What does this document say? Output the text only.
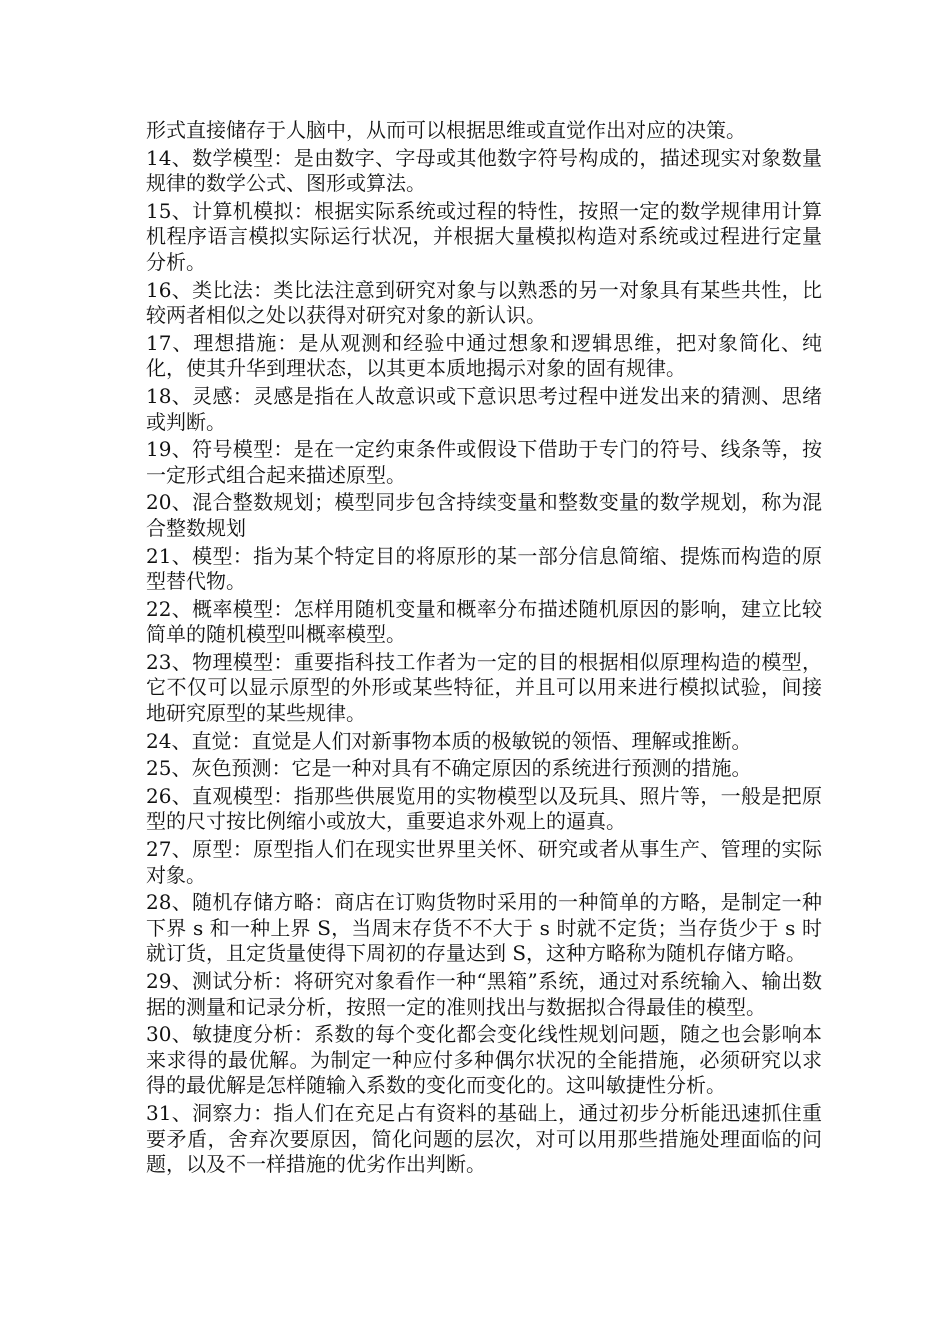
形式直接储存于人脑中，从而可以根据思维或直觉作出对应的决策。

14、数学模型：是由数字、字母或其他数字符号构成的，描述现实对象数量规律的数学公式、图形或算法。

15、计算机模拟：根据实际系统或过程的特性，按照一定的数学规律用计算机程序语言模拟实际运行状况，并根据大量模拟构造对系统或过程进行定量分析。

16、类比法：类比法注意到研究对象与以熟悉的另一对象具有某些共性，比较两者相似之处以获得对研究对象的新认识。

17、理想措施：是从观测和经验中通过想象和逻辑思维，把对象简化、纯化，使其升华到理状态，以其更本质地揭示对象的固有规律。

18、灵感：灵感是指在人故意识或下意识思考过程中迸发出来的猜测、思绪或判断。

19、符号模型：是在一定约束条件或假设下借助于专门的符号、线条等，按一定形式组合起来描述原型。

20、混合整数规划；模型同步包含持续变量和整数变量的数学规划，称为混合整数规划

21、模型：指为某个特定目的将原形的某一部分信息简缩、提炼而构造的原型替代物。

22、概率模型：怎样用随机变量和概率分布描述随机原因的影响，建立比较简单的随机模型叫概率模型。

23、物理模型：重要指科技工作者为一定的目的根据相似原理构造的模型，它不仅可以显示原型的外形或某些特征，并且可以用来进行模拟试验，间接地研究原型的某些规律。

24、直觉：直觉是人们对新事物本质的极敏锐的领悟、理解或推断。

25、灰色预测：它是一种对具有不确定原因的系统进行预测的措施。

26、直观模型：指那些供展览用的实物模型以及玩具、照片等，一般是把原型的尺寸按比例缩小或放大，重要追求外观上的逼真。

27、原型：原型指人们在现实世界里关怀、研究或者从事生产、管理的实际对象。

28、随机存储方略：商店在订购货物时采用的一种简单的方略，是制定一种下界 s 和一种上界 S，当周末存货不不大于 s 时就不定货；当存货少于 s 时就订货，且定货量使得下周初的存量达到 S，这种方略称为随机存储方略。

29、测试分析：将研究对象看作一种“黑箱”系统，通过对系统输入、输出数据的测量和记录分析，按照一定的准则找出与数据拟合得最佳的模型。

30、敏捷度分析：系数的每个变化都会变化线性规划问题，随之也会影响本来求得的最优解。为制定一种应付多种偶尔状况的全能措施，必须研究以求得的最优解是怎样随输入系数的变化而变化的。这叫敏捷性分析。

31、洞察力：指人们在充足占有资料的基础上，通过初步分析能迅速抓住重要矛盾，舍弃次要原因，简化问题的层次，对可以用那些措施处理面临的问题，以及不一样措施的优劣作出判断。
